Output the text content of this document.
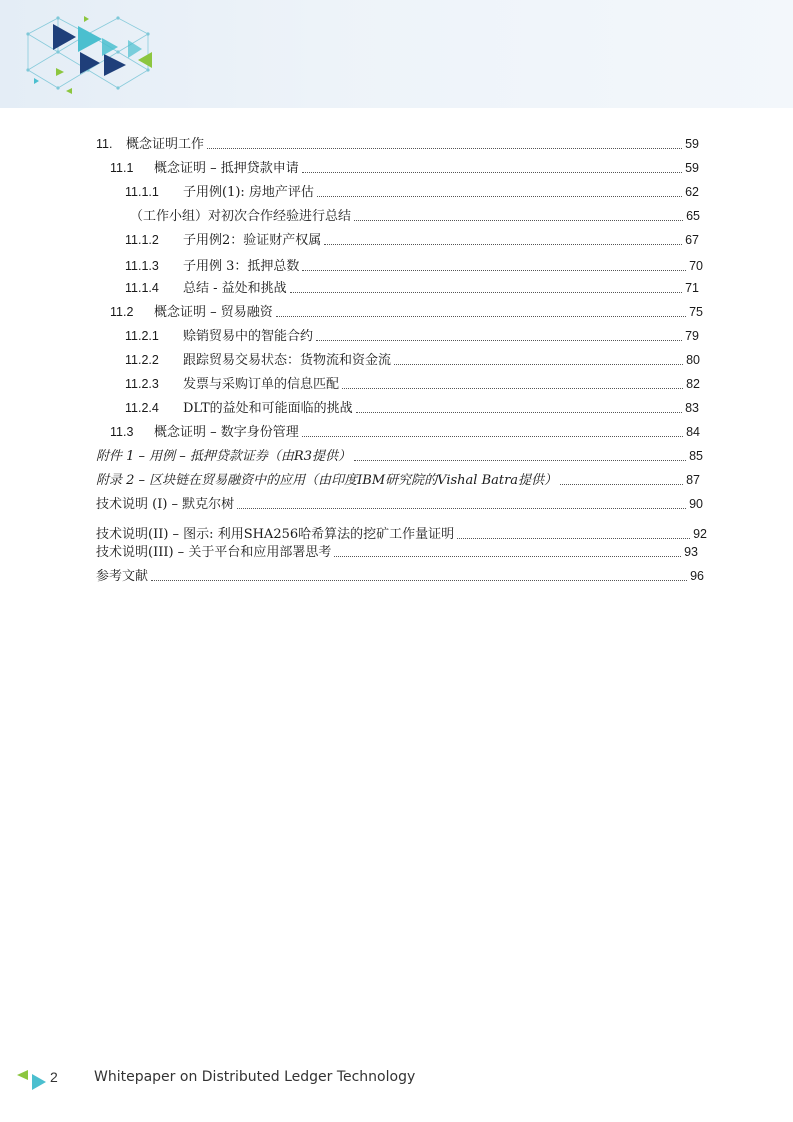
11.	概念证明工作	59
11.1	概念证明 – 抵押贷款申请	59
11.1.1	子用例(1): 房地产评估	62
（工作小组）对初次合作经验进行总结	65
11.1.2	子用例2：验证财产权属	67
11.1.3	子用例 3：抵押总数	70
11.1.4	总结 - 益处和挑战	71
11.2	概念证明 – 贸易融资	75
11.2.1	赊销贸易中的智能合约	79
11.2.2	跟踪贸易交易状态：货物流和资金流	80
11.2.3	发票与采购订单的信息匹配	82
11.2.4	DLT的益处和可能面临的挑战	83
11.3	概念证明 – 数字身份管理	84
附件 1 – 用例 – 抵押贷款证券（由R3提供）	85
附录 2 – 区块链在贸易融资中的应用（由印度IBM研究院的Vishal Batra提供）	87
技术说明 (I) – 默克尔树	90
技术说明(II) – 图示: 利用SHA256哈希算法的挖矿工作量证明	92
技术说明(III) – 关于平台和应用部署思考	93
参考文献	96
2	Whitepaper on Distributed Ledger Technology
